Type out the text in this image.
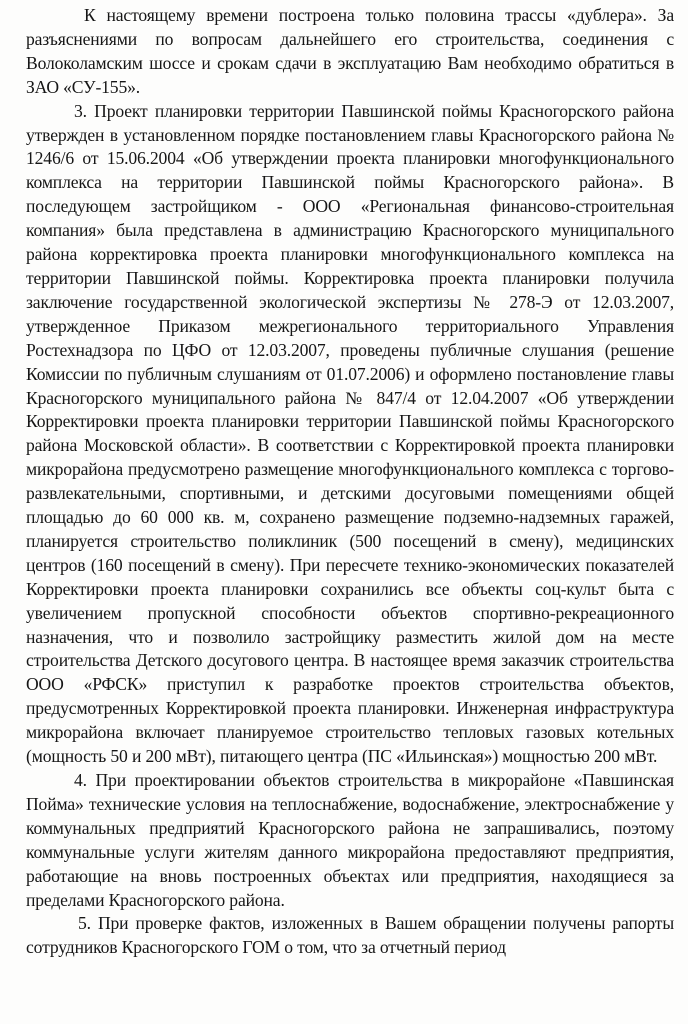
К настоящему времени построена только половина трассы «дублера». За разъяснениями по вопросам дальнейшего его строительства, соединения с Волоколамским шоссе и срокам сдачи в эксплуатацию Вам необходимо обратиться в ЗАО «СУ-155».

3. Проект планировки территории Павшинской поймы Красногорского района утвержден в установленном порядке постановлением главы Красногорского района № 1246/6 от 15.06.2004 «Об утверждении проекта планировки многофункционального комплекса на территории Павшинской поймы Красногорского района». В последующем застройщиком - ООО «Региональная финансово-строительная компания» была представлена в администрацию Красногорского муниципального района корректировка проекта планировки многофункционального комплекса на территории Павшинской поймы. Корректировка проекта планировки получила заключение государственной экологической экспертизы № 278-Э от 12.03.2007, утвержденное Приказом межрегионального территориального Управления Ростехнадзора по ЦФО от 12.03.2007, проведены публичные слушания (решение Комиссии по публичным слушаниям от 01.07.2006) и оформлено постановление главы Красногорского муниципального района № 847/4 от 12.04.2007 «Об утверждении Корректировки проекта планировки территории Павшинской поймы Красногорского района Московской области». В соответствии с Корректировкой проекта планировки микрорайона предусмотрено размещение многофункционального комплекса с торгово-развлекательными, спортивными, и детскими досуговыми помещениями общей площадью до 60 000 кв. м, сохранено размещение подземно-надземных гаражей, планируется строительство поликлиник (500 посещений в смену), медицинских центров (160 посещений в смену). При пересчете технико-экономических показателей Корректировки проекта планировки сохранились все объекты соц-культ быта с увеличением пропускной способности объектов спортивно-рекреационного назначения, что и позволило застройщику разместить жилой дом на месте строительства Детского досугового центра. В настоящее время заказчик строительства ООО «РФСК» приступил к разработке проектов строительства объектов, предусмотренных Корректировкой проекта планировки. Инженерная инфраструктура микрорайона включает планируемое строительство тепловых газовых котельных (мощность 50 и 200 мВт), питающего центра (ПС «Ильинская») мощностью 200 мВт.

4. При проектировании объектов строительства в микрорайоне «Павшинская Пойма» технические условия на теплоснабжение, водоснабжение, электроснабжение у коммунальных предприятий Красногорского района не запрашивались, поэтому коммунальные услуги жителям данного микрорайона предоставляют предприятия, работающие на вновь построенных объектах или предприятия, находящиеся за пределами Красногорского района.

5. При проверке фактов, изложенных в Вашем обращении получены рапорты сотрудников Красногорского ГОМ о том, что за отчетный период
